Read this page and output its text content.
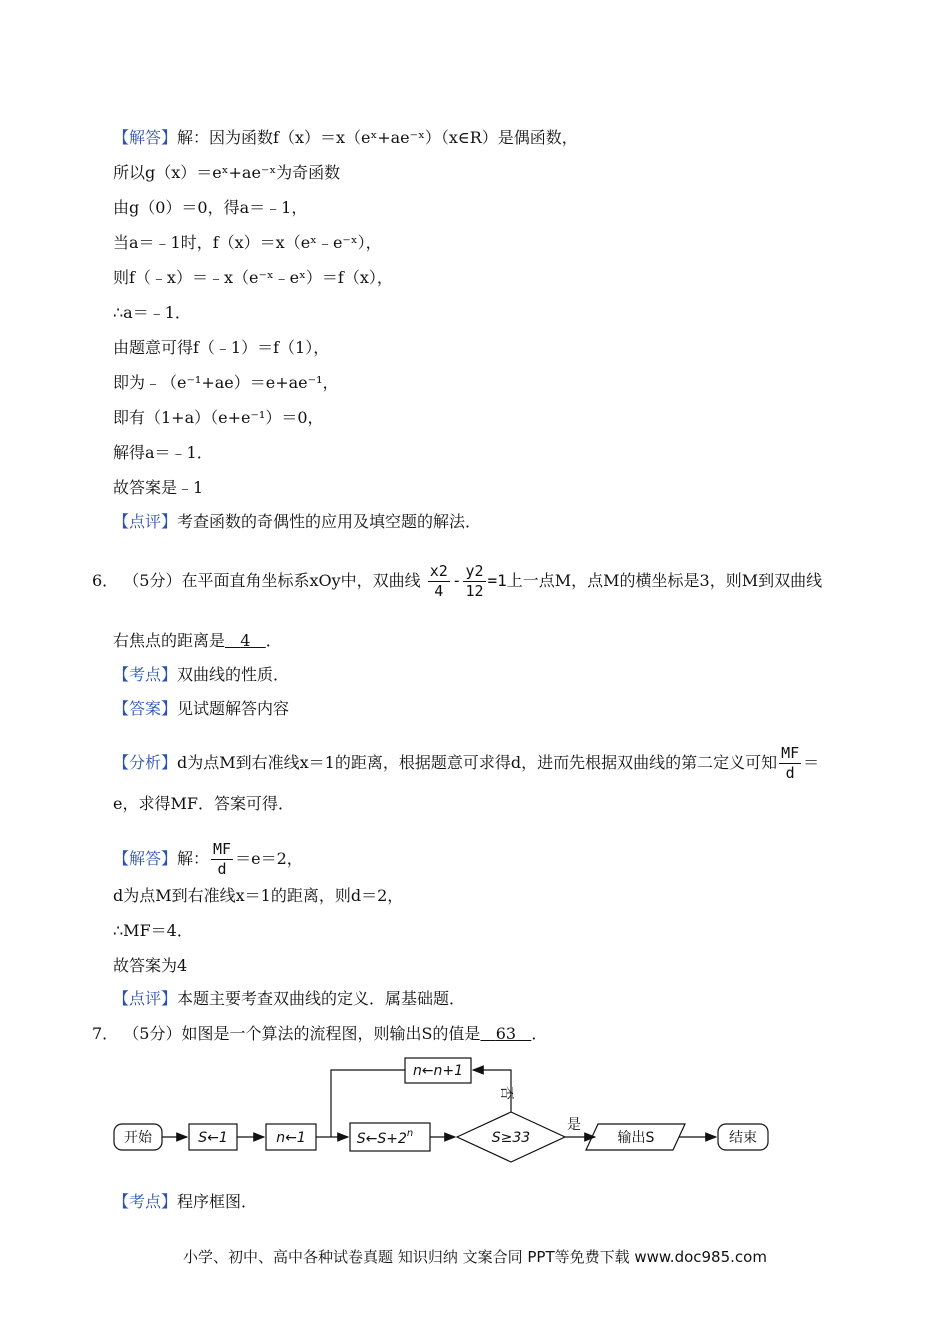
【解答】解：因为函数f（x）＝x（eˣ+ae⁻ˣ）（x∈R）是偶函数，
所以g（x）＝eˣ+ae⁻ˣ为奇函数
由g（0）＝0，得a＝﹣1，
当a＝﹣1时，f（x）＝x（eˣ﹣e⁻ˣ），
则f（﹣x）＝﹣x（e⁻ˣ﹣eˣ）＝f（x），
∴a＝﹣1．
由题意可得f（﹣1）＝f（1），
即为﹣（e⁻¹+ae）＝e+ae⁻¹，
即有（1+a）（e+e⁻¹）＝0，
解得a＝﹣1．
故答案是﹣1
【点评】考查函数的奇偶性的应用及填空题的解法．
6． （5分）在平面直角坐标系xOy中，双曲线 $\frac{x2}{4} - \frac{y2}{12} =1$上一点M，点M的横坐标是3，则M到双曲线
右焦点的距离是 4 ．
【考点】双曲线的性质．
【答案】见试题解答内容
【分析】d为点M到右准线x＝1的距离，根据题意可求得d，进而先根据双曲线的第二定义可知 $\frac{MF}{d}$ ＝
e，求得MF．答案可得．
【解答】解： $\frac{MF}{d} =e=2$，
d为点M到右准线x＝1的距离，则d＝2，
∴MF＝4．
故答案为4
【点评】本题主要考查双曲线的定义．属基础题．
7． （5分）如图是一个算法的流程图，则输出S的值是 63 ．
开始	S←1	n←1	$S\leftarrow S+2^n$	S≥33
n←n+1
输出S	结束
是
否
【考点】程序框图．
小学、初中、高中各种试卷真题 知识归纳 文案合同 PPT等免费下载 www.doc985.com
